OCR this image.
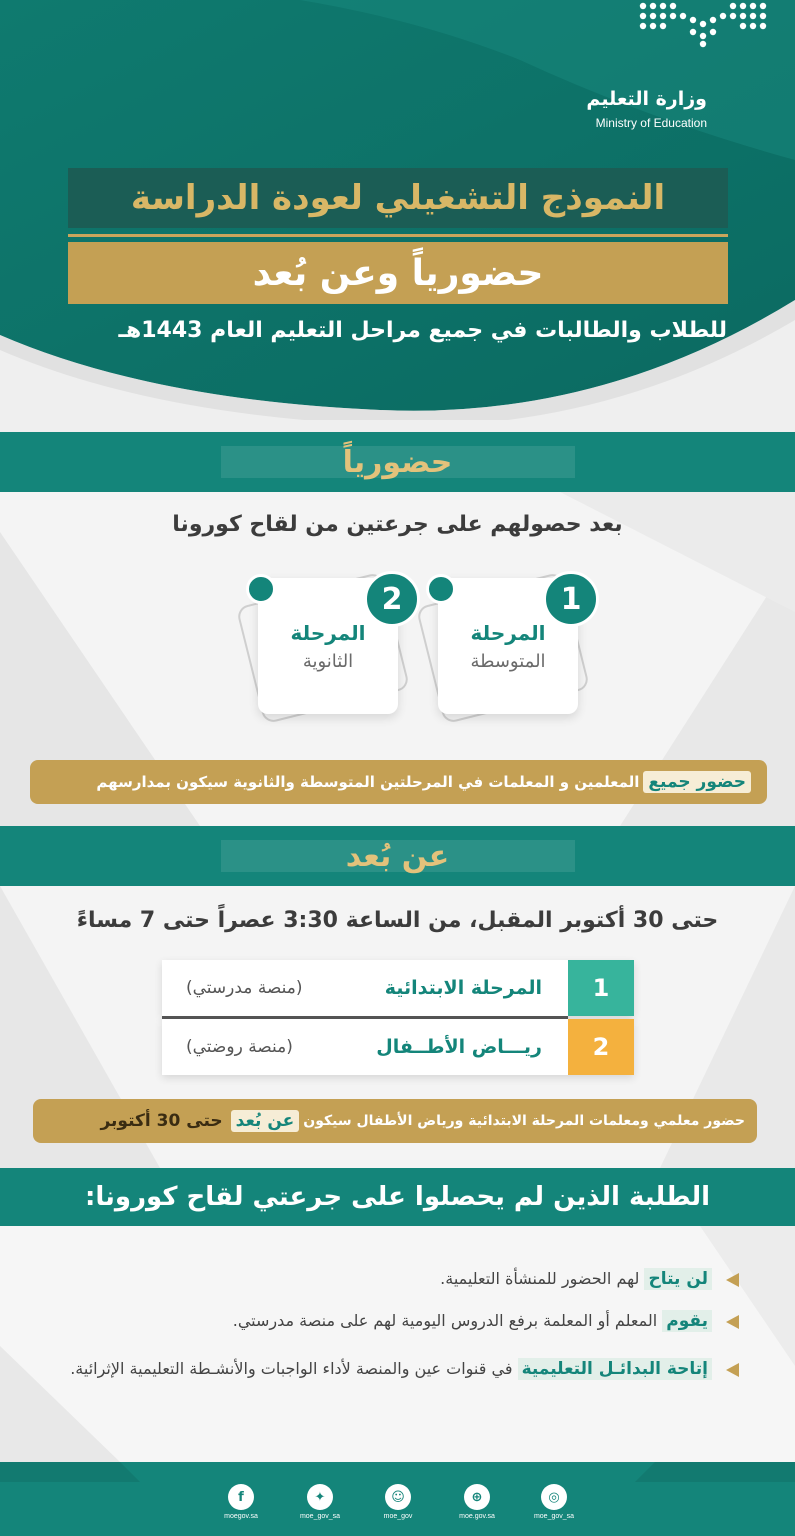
وزارة التعليم
Ministry of Education
النموذج التشغيلي لعودة الدراسة
حضورياً وعن بُعد
للطلاب والطالبات في جميع مراحل التعليم العام 1443هـ
حضورياً
بعد حصولهم على جرعتين من لقاح كورونا
المرحلة
المتوسطة
1
المرحلة
الثانوية
2
حضور جميع
المعلمين و المعلمات في المرحلتين المتوسطة والثانوية سيكون بمدارسهم
عن بُعد
حتى 30 أكتوبر المقبل، من الساعة 3:30 عصراً حتى 7 مساءً
1
المرحلة الابتدائية
(منصة مدرستي)
2
ريـــاض الأطــفال
(منصة روضتي)
حضور معلمي ومعلمات المرحلة الابتدائية ورياض الأطفال سيكون
عن بُعد
حتى 30 أكتوبر
الطلبة الذين لم يحصلوا على جرعتي لقاح كورونا:
لن يتاح لهم الحضور للمنشأة التعليمية.
يقوم المعلم أو المعلمة برفع الدروس اليومية لهم على منصة مدرستي.
إتاحة البدائـل التعليمية في قنوات عين والمنصة لأداء الواجبات والأنشـطة التعليمية الإثرائية.
◎
moe_gov_sa
⊕
moe.gov.sa
☺
moe_gov
✦
moe_gov_sa
f
moegov.sa
